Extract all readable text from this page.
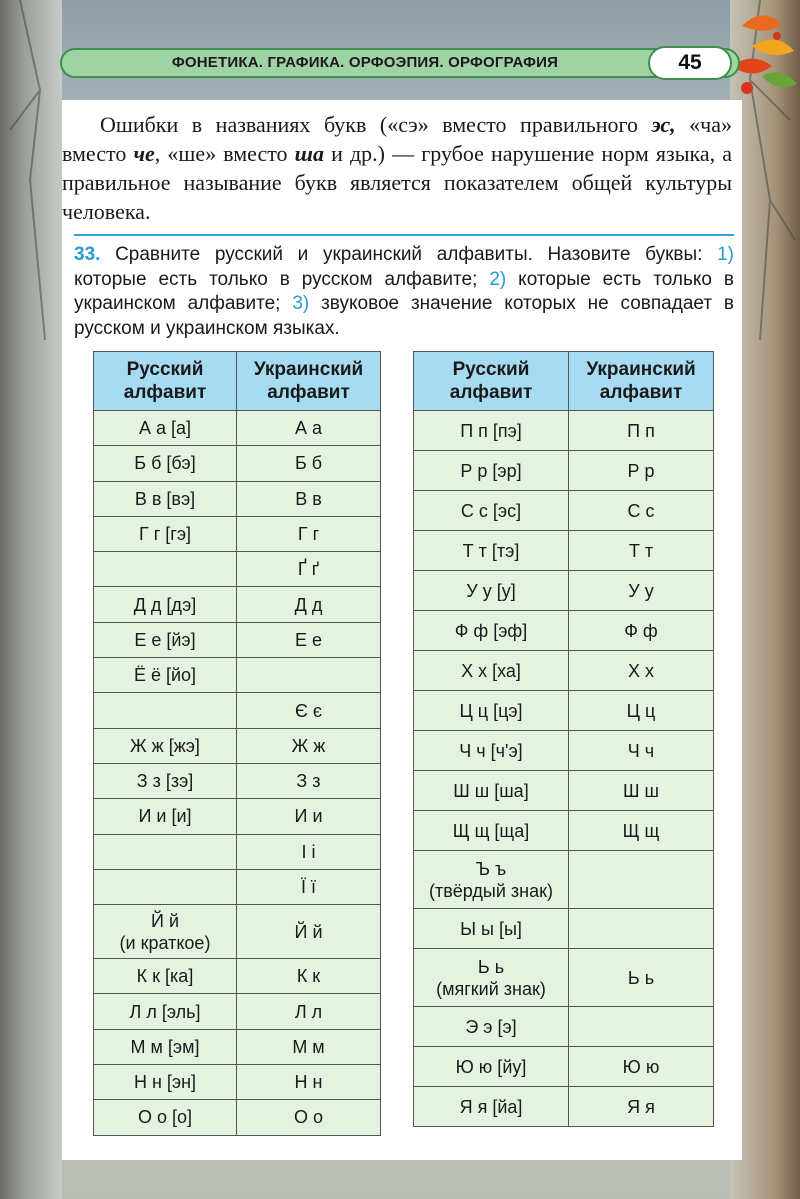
ФОНЕТИКА. ГРАФИКА. ОРФОЭПИЯ. ОРФОГРАФИЯ	45
Ошибки в названиях букв («сэ» вместо правильного эс, «ча» вместо че, «ше» вместо ша и др.) — грубое нарушение норм языка, а правильное называние букв является показателем общей культуры человека.
33. Сравните русский и украинский алфавиты. Назовите буквы: 1) которые есть только в русском алфавите; 2) которые есть только в украинском алфавите; 3) звуковое значение которых не совпадает в русском и украинском языках.
Русский
алфавит	Украинский
алфавит
А а [а]	А а
Б б [бэ]	Б б
В в [вэ]	В в
Г г [гэ]	Г г
	Ґ ґ
Д д [дэ]	Д д
Е е [йэ]	Е е
Ё ё [йо]	
	Є є
Ж ж [жэ]	Ж ж
З з [зэ]	З з
И и [и]	И и
	І і
	Ї ї
Й й
(и краткое)	Й й
К к [ка]	К к
Л л [эль]	Л л
М м [эм]	М м
Н н [эн]	Н н
О о [о]	О о
Русский
алфавит	Украинский
алфавит
П п [пэ]	П п
Р р [эр]	Р р
С с [эс]	С с
Т т [тэ]	Т т
У у [у]	У у
Ф ф [эф]	Ф ф
Х х [ха]	Х х
Ц ц [цэ]	Ц ц
Ч ч [ч'э]	Ч ч
Ш ш [ша]	Ш ш
Щ щ [ща]	Щ щ
Ъ ъ
(твёрдый знак)	
Ы ы [ы]	
Ь ь
(мягкий знак)	Ь ь
Э э [э]	
Ю ю [йу]	Ю ю
Я я [йа]	Я я
